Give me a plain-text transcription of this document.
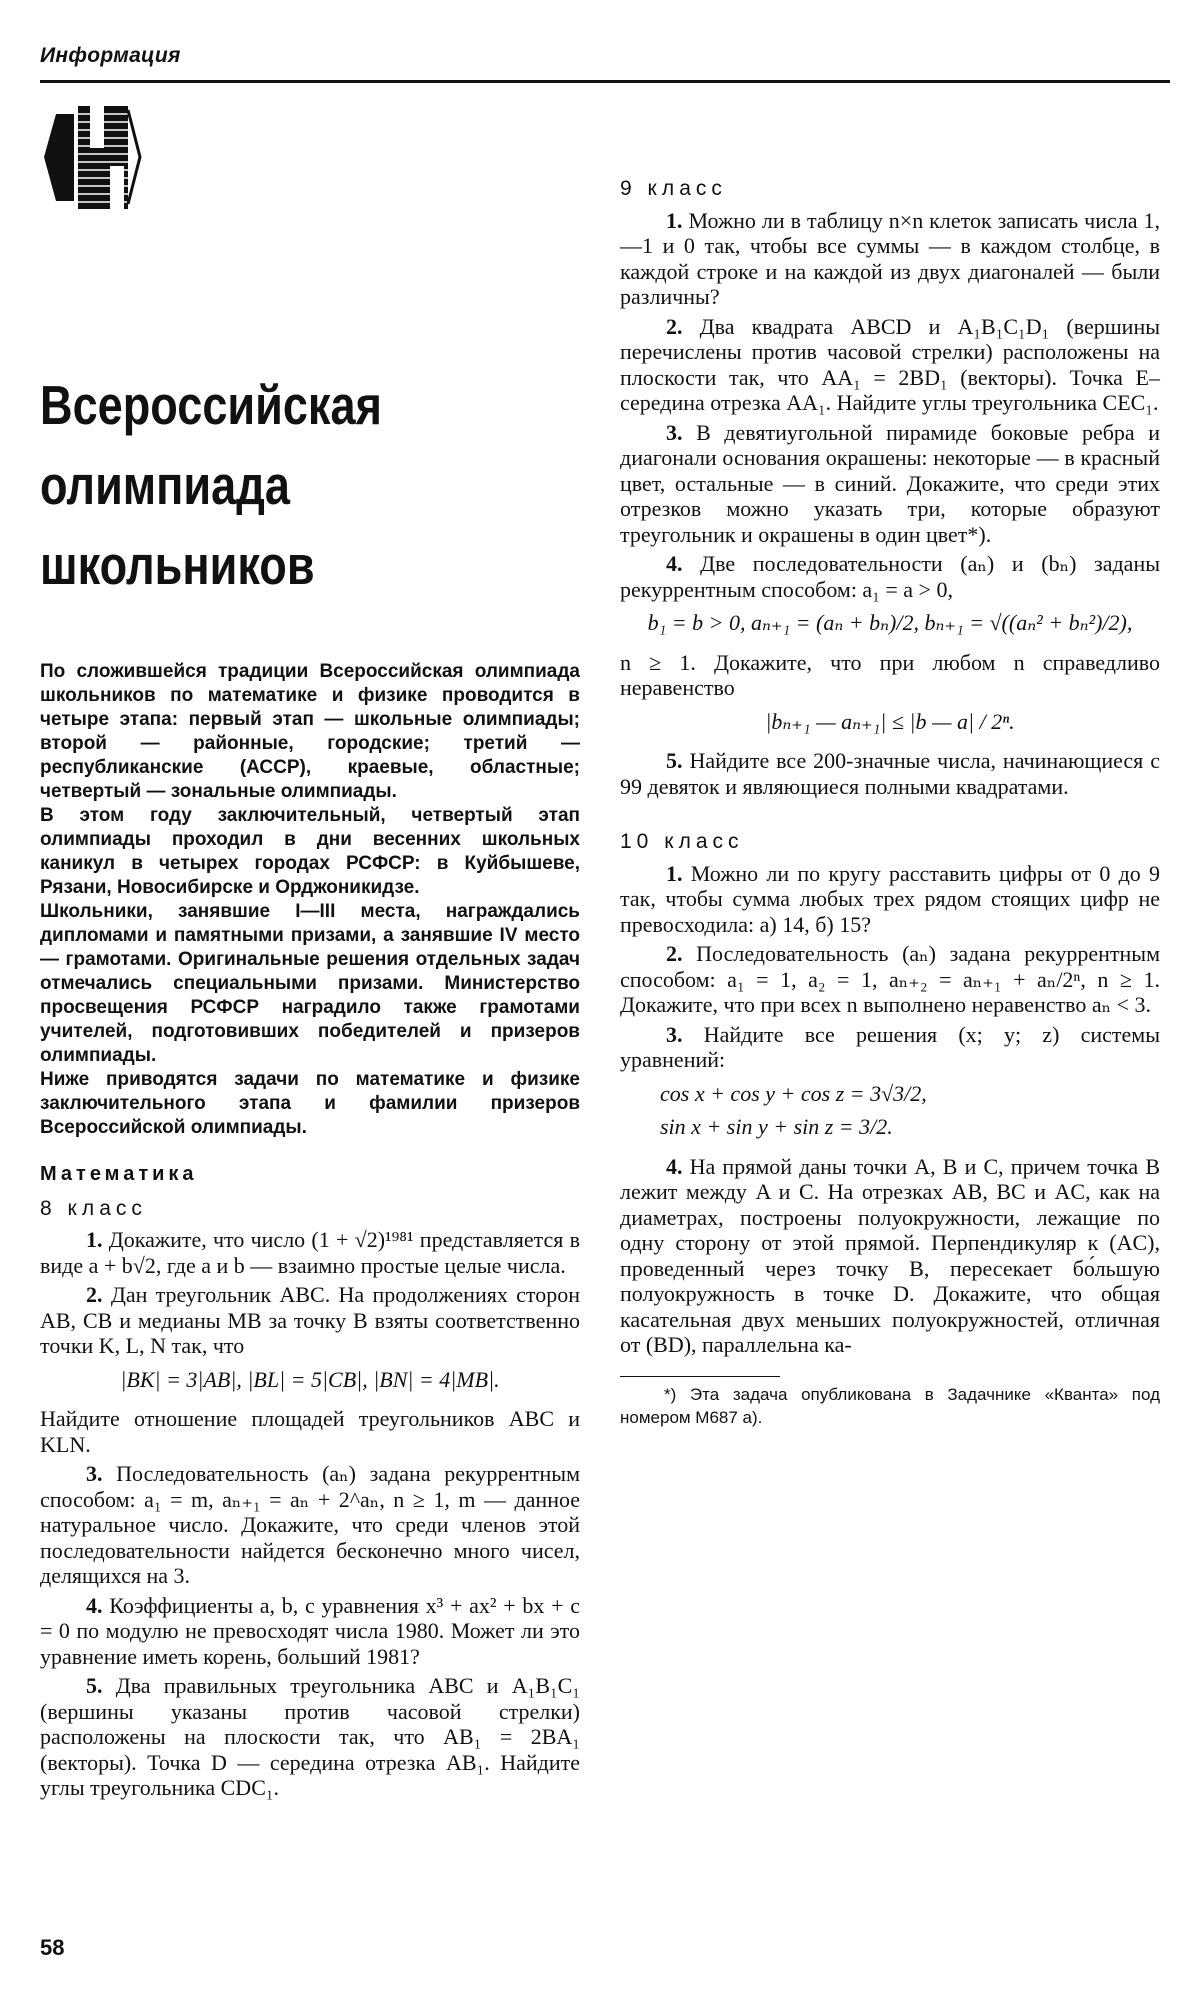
Информация
Всероссийская
олимпиада
школьников

По сложившейся традиции Всероссийская олимпиада школьников по математике и физике проводится в четыре этапа: первый этап — школьные олимпиады; второй — районные, городские; третий — республиканские (АССР), краевые, областные; четвертый — зональные олимпиады.

В этом году заключительный, четвертый этап олимпиады проходил в дни весенних школьных каникул в четырех городах РСФСР: в Куйбышеве, Рязани, Новосибирске и Орджоникидзе.

Школьники, занявшие I—III места, награждались дипломами и памятными призами, а занявшие IV место — грамотами. Оригинальные решения отдельных задач отмечались специальными призами. Министерство просвещения РСФСР наградило также грамотами учителей, подготовивших победителей и призеров олимпиады.

Ниже приводятся задачи по математике и физике заключительного этапа и фамилии призеров Всероссийской олимпиады.

Математика
8 класс

1. Докажите, что число (1 + √2)¹⁹⁸¹ представляется в виде a + b√2, где a и b — взаимно простые целые числа.

2. Дан треугольник ABC. На продолжениях сторон AB, CB и медианы MB за точку B взяты соответственно точки K, L, N так, что

|BK| = 3|AB|, |BL| = 5|CB|, |BN| = 4|MB|.

Найдите отношение площадей треугольников ABC и KLN.

3. Последовательность (aₙ) задана рекуррентным способом: a₁ = m, aₙ₊₁ = aₙ + 2^aₙ, n ≥ 1, m — данное натуральное число. Докажите, что среди членов этой последовательности найдется бесконечно много чисел, делящихся на 3.

4. Коэффициенты a, b, c уравнения x³ + ax² + bx + c = 0 по модулю не превосходят числа 1980. Может ли это уравнение иметь корень, больший 1981?

5. Два правильных треугольника ABC и A₁B₁C₁ (вершины указаны против часовой стрелки) расположены на плоскости так, что AB₁ = 2BA₁ (векторы). Точка D — середина отрезка AB₁. Найдите углы треугольника CDC₁.

9 класс

1. Можно ли в таблицу n×n клеток записать числа 1, —1 и 0 так, чтобы все суммы — в каждом столбце, в каждой строке и на каждой из двух диагоналей — были различны?

2. Два квадрата ABCD и A₁B₁C₁D₁ (вершины перечислены против часовой стрелки) расположены на плоскости так, что AA₁ = 2BD₁ (векторы). Точка E–середина отрезка AA₁. Найдите углы треугольника CEC₁.

3. В девятиугольной пирамиде боковые ребра и диагонали основания окрашены: некоторые — в красный цвет, остальные — в синий. Докажите, что среди этих отрезков можно указать три, которые образуют треугольник и окрашены в один цвет*).

4. Две последовательности (aₙ) и (bₙ) заданы рекуррентным способом: a₁ = a > 0,

b₁ = b > 0, aₙ₊₁ = (aₙ + bₙ)/2, bₙ₊₁ = √((aₙ² + bₙ²)/2),

n ≥ 1. Докажите, что при любом n справедливо неравенство

|bₙ₊₁ — aₙ₊₁| ≤ |b — a| / 2ⁿ.

5. Найдите все 200-значные числа, начинающиеся с 99 девяток и являющиеся полными квадратами.

10 класс

1. Можно ли по кругу расставить цифры от 0 до 9 так, чтобы сумма любых трех рядом стоящих цифр не превосходила: а) 14, б) 15?

2. Последовательность (aₙ) задана рекуррентным способом: a₁ = 1, a₂ = 1, aₙ₊₂ = aₙ₊₁ + aₙ/2ⁿ, n ≥ 1. Докажите, что при всех n выполнено неравенство aₙ < 3.

3. Найдите все решения (x; y; z) системы уравнений:

cos x + cos y + cos z = 3√3/2,
sin x + sin y + sin z = 3/2.

4. На прямой даны точки A, B и C, причем точка B лежит между A и C. На отрезках AB, BC и AC, как на диаметрах, построены полуокружности, лежащие по одну сторону от этой прямой. Перпендикуляр к (AC), проведенный через точку B, пересекает бо́льшую полуокружность в точке D. Докажите, что общая касательная двух меньших полуокружностей, отличная от (BD), параллельна ка-

*) Эта задача опубликована в Задачнике «Кванта» под номером М687 а).
58
